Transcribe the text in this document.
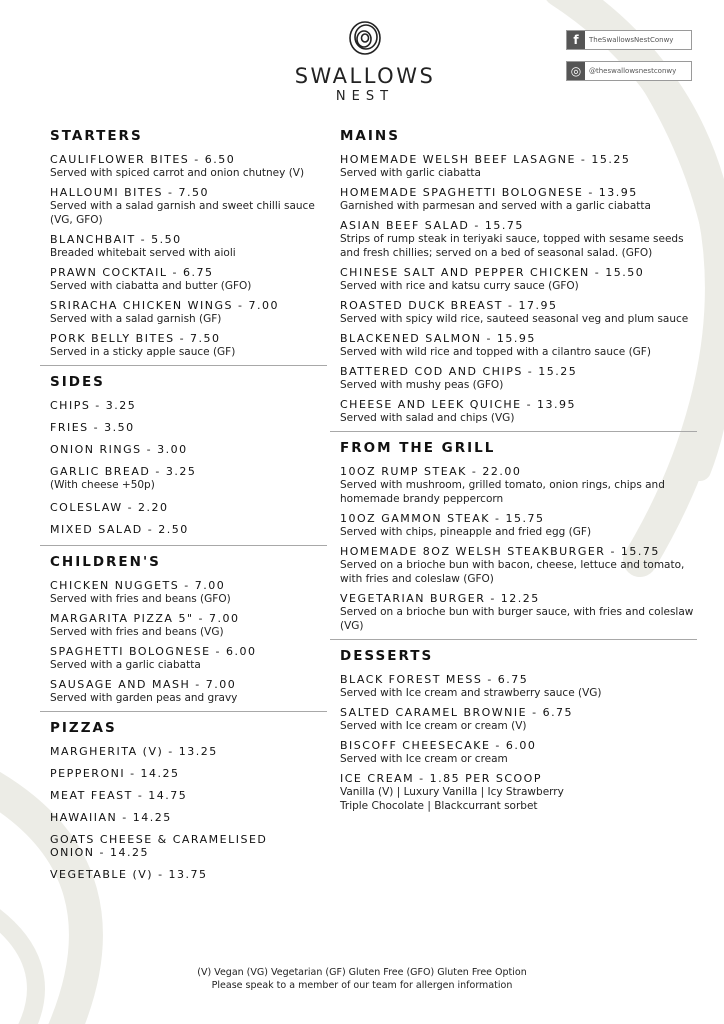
SWALLOWS
NEST
f	TheSwallowsNestConwy
◎	@theswallowsnestconwy
STARTERS
CAULIFLOWER BITES - 6.50
Served with spiced carrot and onion chutney (V)
HALLOUMI BITES - 7.50
Served with a salad garnish and sweet chilli sauce (VG, GFO)
BLANCHBAIT - 5.50
Breaded whitebait served with aioli
PRAWN COCKTAIL - 6.75
Served with ciabatta and butter (GFO)
SRIRACHA CHICKEN WINGS - 7.00
Served with a salad garnish (GF)
PORK BELLY BITES - 7.50
Served in a sticky apple sauce (GF)
SIDES
CHIPS - 3.25
FRIES - 3.50
ONION RINGS - 3.00
GARLIC BREAD - 3.25
(With cheese +50p)
COLESLAW - 2.20
MIXED SALAD - 2.50
CHILDREN'S
CHICKEN NUGGETS - 7.00
Served with fries and beans (GFO)
MARGARITA PIZZA 5" - 7.00
Served with fries and beans (VG)
SPAGHETTI BOLOGNESE - 6.00
Served with a garlic ciabatta
SAUSAGE AND MASH - 7.00
Served with garden peas and gravy
PIZZAS
MARGHERITA (V) - 13.25
PEPPERONI - 14.25
MEAT FEAST - 14.75
HAWAIIAN - 14.25
GOATS CHEESE & CARAMELISED ONION - 14.25
VEGETABLE (V) - 13.75
MAINS
HOMEMADE WELSH BEEF LASAGNE - 15.25
Served with garlic ciabatta
HOMEMADE SPAGHETTI BOLOGNESE - 13.95
Garnished with parmesan and served with a garlic ciabatta
ASIAN BEEF SALAD - 15.75
Strips of rump steak in teriyaki sauce, topped with sesame seeds and fresh chillies; served on a bed of seasonal salad. (GFO)
CHINESE SALT AND PEPPER CHICKEN - 15.50
Served with rice and katsu curry sauce (GFO)
ROASTED DUCK BREAST - 17.95
Served with spicy wild rice, sauteed seasonal veg and plum sauce
BLACKENED SALMON - 15.95
Served with wild rice and topped with a cilantro sauce (GF)
BATTERED COD AND CHIPS - 15.25
Served with mushy peas (GFO)
CHEESE AND LEEK QUICHE - 13.95
Served with salad and chips (VG)
FROM THE GRILL
10OZ RUMP STEAK - 22.00
Served with mushroom, grilled tomato, onion rings, chips and homemade brandy peppercorn
10OZ GAMMON STEAK - 15.75
Served with chips, pineapple and fried egg (GF)
HOMEMADE 8OZ WELSH STEAKBURGER - 15.75
Served on a brioche bun with bacon, cheese, lettuce and tomato, with fries and coleslaw (GFO)
VEGETARIAN BURGER - 12.25
Served on a brioche bun with burger sauce, with fries and coleslaw (VG)
DESSERTS
BLACK FOREST MESS - 6.75
Served with Ice cream and strawberry sauce (VG)
SALTED CARAMEL BROWNIE - 6.75
Served with Ice cream or cream (V)
BISCOFF CHEESECAKE - 6.00
Served with Ice cream or cream
ICE CREAM - 1.85 PER SCOOP
Vanilla (V) | Luxury Vanilla | Icy Strawberry Triple Chocolate | Blackcurrant sorbet
(V) Vegan (VG) Vegetarian (GF) Gluten Free (GFO) Gluten Free Option
Please speak to a member of our team for allergen information
